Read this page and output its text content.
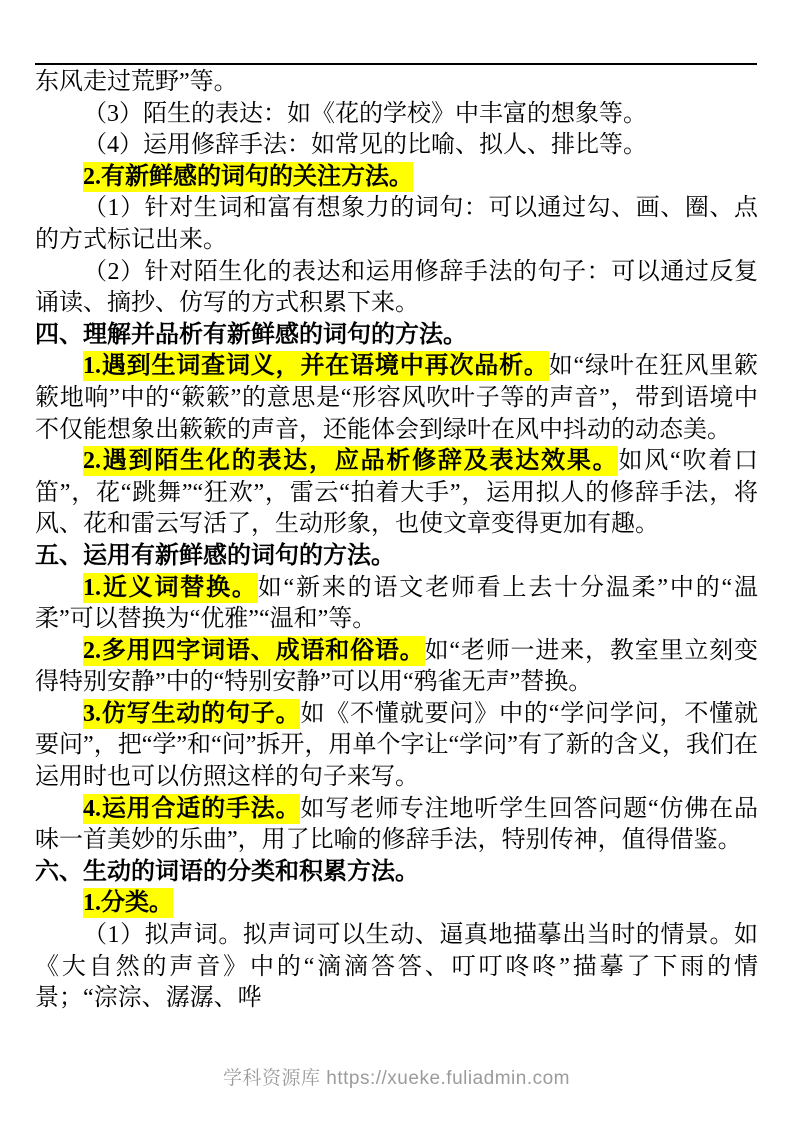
东风走过荒野”等。

（3）陌生的表达：如《花的学校》中丰富的想象等。

（4）运用修辞手法：如常见的比喻、拟人、排比等。

2.有新鲜感的词句的关注方法。

（1）针对生词和富有想象力的词句：可以通过勾、画、圈、点的方式标记出来。

（2）针对陌生化的表达和运用修辞手法的句子：可以通过反复诵读、摘抄、仿写的方式积累下来。

四、理解并品析有新鲜感的词句的方法。

1.遇到生词查词义，并在语境中再次品析。如“绿叶在狂风里簌簌地响”中的“簌簌”的意思是“形容风吹叶子等的声音”，带到语境中不仅能想象出簌簌的声音，还能体会到绿叶在风中抖动的动态美。

2.遇到陌生化的表达，应品析修辞及表达效果。如风“吹着口笛”，花“跳舞”“狂欢”，雷云“拍着大手”，运用拟人的修辞手法，将风、花和雷云写活了，生动形象，也使文章变得更加有趣。

五、运用有新鲜感的词句的方法。

1.近义词替换。如“新来的语文老师看上去十分温柔”中的“温柔”可以替换为“优雅”“温和”等。

2.多用四字词语、成语和俗语。如“老师一进来，教室里立刻变得特别安静”中的“特别安静”可以用“鸦雀无声”替换。

3.仿写生动的句子。如《不懂就要问》中的“学问学问，不懂就要问”，把“学”和“问”拆开，用单个字让“学问”有了新的含义，我们在运用时也可以仿照这样的句子来写。

4.运用合适的手法。如写老师专注地听学生回答问题“仿佛在品味一首美妙的乐曲”，用了比喻的修辞手法，特别传神，值得借鉴。

六、生动的词语的分类和积累方法。

1.分类。

（1）拟声词。拟声词可以生动、逼真地描摹出当时的情景。如《大自然的声音》中的“滴滴答答、叮叮咚咚”描摹了下雨的情景；“淙淙、潺潺、哗

学科资源库 https://xueke.fuliadmin.com
